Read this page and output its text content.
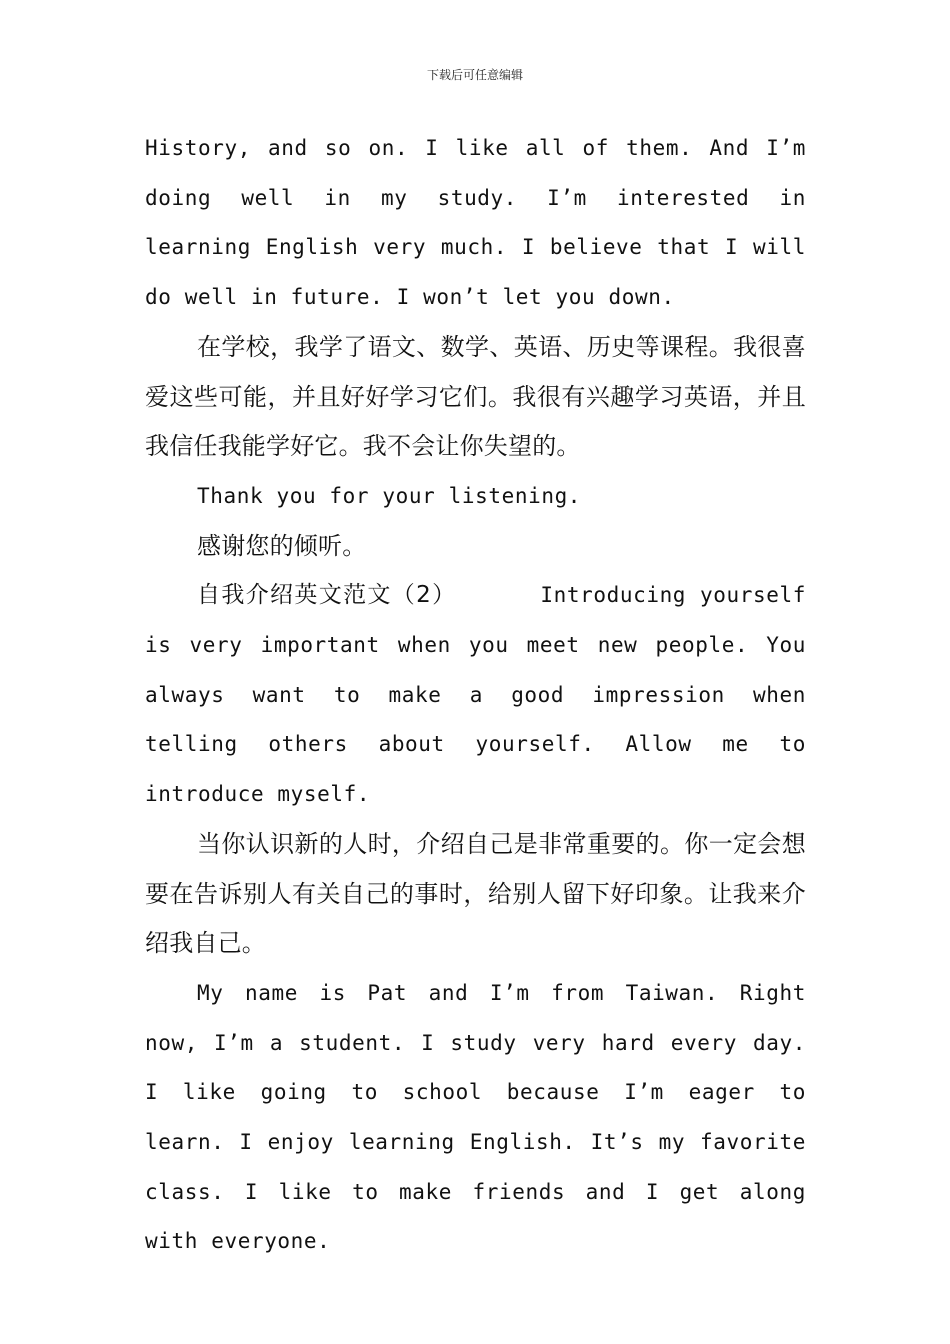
下载后可任意编辑

History, and so on. I like all of them. And I’m doing well in my study. I’m interested in learning English very much. I believe that I will do well in future. I won’t let you down.

在学校，我学了语文、数学、英语、历史等课程。我很喜爱这些可能，并且好好学习它们。我很有兴趣学习英语，并且我信任我能学好它。我不会让你失望的。

Thank you for your listening.

感谢您的倾听。

自我介绍英文范文（2）	Introducing yourself is very important when you meet new people. You always want to make a good impression when telling others about yourself. Allow me to introduce myself.

当你认识新的人时，介绍自己是非常重要的。你一定会想要在告诉别人有关自己的事时，给别人留下好印象。让我来介绍我自己。

My name is Pat and I’m from Taiwan. Right now, I’m a student. I study very hard every day. I like going to school because I’m eager to learn. I enjoy learning English. It’s my favorite class. I like to make friends and I get along with everyone.
